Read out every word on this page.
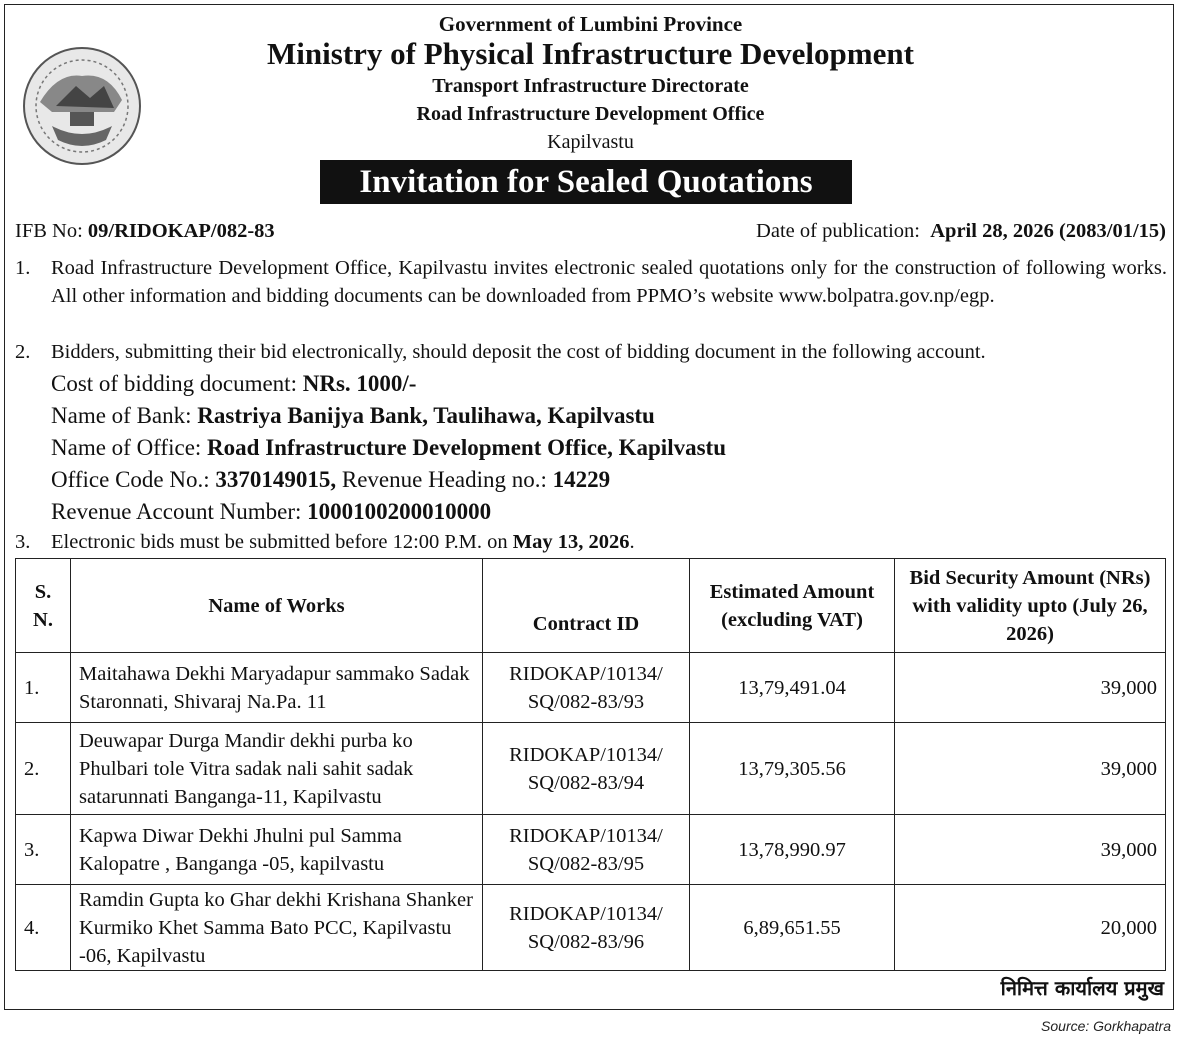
Government of Lumbini Province
Ministry of Physical Infrastructure Development
Transport Infrastructure Directorate
Road Infrastructure Development Office
Kapilvastu
Invitation for Sealed Quotations
IFB No: 09/RIDOKAP/082-83	Date of publication: April 28, 2026 (2083/01/15)
1. Road Infrastructure Development Office, Kapilvastu invites electronic sealed quotations only for the construction of following works. All other information and bidding documents can be downloaded from PPMO’s website www.bolpatra.gov.np/egp.
2. Bidders, submitting their bid electronically, should deposit the cost of bidding document in the following account.
Cost of bidding document: NRs. 1000/-
Name of Bank: Rastriya Banijya Bank, Taulihawa, Kapilvastu
Name of Office: Road Infrastructure Development Office, Kapilvastu
Office Code No.: 3370149015, Revenue Heading no.: 14229
Revenue Account Number: 1000100200010000
3. Electronic bids must be submitted before 12:00 P.M. on May 13, 2026.
S. N.	Name of Works	Contract ID	Estimated Amount (excluding VAT)	Bid Security Amount (NRs) with validity upto (July 26, 2026)
1.	Maitahawa Dekhi Maryadapur sammako Sadak Staronnati, Shivaraj Na.Pa. 11	RIDOKAP/10134/ SQ/082-83/93	13,79,491.04	39,000
2.	Deuwapar Durga Mandir dekhi purba ko Phulbari tole Vitra sadak nali sahit sadak satarunnati Banganga-11, Kapilvastu	RIDOKAP/10134/ SQ/082-83/94	13,79,305.56	39,000
3.	Kapwa Diwar Dekhi Jhulni pul Samma Kalopatre , Banganga -05, kapilvastu	RIDOKAP/10134/ SQ/082-83/95	13,78,990.97	39,000
4.	Ramdin Gupta ko Ghar dekhi Krishana Shanker Kurmiko Khet Samma Bato PCC, Kapilvastu -06, Kapilvastu	RIDOKAP/10134/ SQ/082-83/96	6,89,651.55	20,000
निमित्त कार्यालय प्रमुख
Source: Gorkhapatra
